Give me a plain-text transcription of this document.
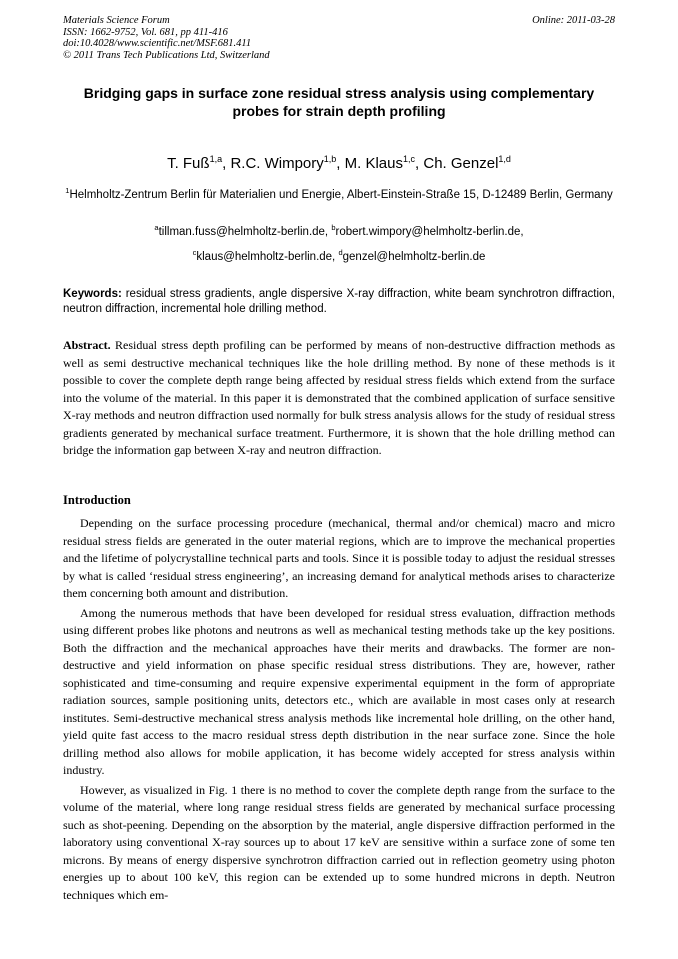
Materials Science Forum
ISSN: 1662-9752, Vol. 681, pp 411-416
doi:10.4028/www.scientific.net/MSF.681.411
© 2011 Trans Tech Publications Ltd, Switzerland
Online: 2011-03-28
Bridging gaps in surface zone residual stress analysis using complementary probes for strain depth profiling
T. Fuß$^{1,a}$, R.C. Wimpory$^{1,b}$, M. Klaus$^{1,c}$, Ch. Genzel$^{1,d}$
$^1$Helmholtz-Zentrum Berlin für Materialien und Energie, Albert-Einstein-Straße 15, D-12489 Berlin, Germany
$^a$tillman.fuss@helmholtz-berlin.de, $^b$robert.wimpory@helmholtz-berlin.de,
$^c$klaus@helmholtz-berlin.de, $^d$genzel@helmholtz-berlin.de
Keywords: residual stress gradients, angle dispersive X-ray diffraction, white beam synchrotron diffraction, neutron diffraction, incremental hole drilling method.
Abstract. Residual stress depth profiling can be performed by means of non-destructive diffraction methods as well as semi destructive mechanical techniques like the hole drilling method. By none of these methods is it possible to cover the complete depth range being affected by residual stress fields which extend from the surface into the volume of the material. In this paper it is demonstrated that the combined application of surface sensitive X-ray methods and neutron diffraction used normally for bulk stress analysis allows for the study of residual stress gradients generated by mechanical surface treatment. Furthermore, it is shown that the hole drilling method can bridge the information gap between X-ray and neutron diffraction.
Introduction

Depending on the surface processing procedure (mechanical, thermal and/or chemical) macro and micro residual stress fields are generated in the outer material regions, which are to improve the mechanical properties and the lifetime of polycrystalline technical parts and tools. Since it is possible today to adjust the residual stresses by what is called ‘residual stress engineering’, an increasing demand for analytical methods arises to characterize them concerning both amount and distribution.

Among the numerous methods that have been developed for residual stress evaluation, diffraction methods using different probes like photons and neutrons as well as mechanical testing methods take up the key positions. Both the diffraction and the mechanical approaches have their merits and drawbacks. The former are non-destructive and yield information on phase specific residual stress distributions. They are, however, rather sophisticated and time-consuming and require expensive experimental equipment in the form of appropriate radiation sources, sample positioning units, detectors etc., which are available in most cases only at research institutes. Semi-destructive mechanical stress analysis methods like incremental hole drilling, on the other hand, yield quite fast access to the macro residual stress depth distribution in the near surface zone. Since the hole drilling method also allows for mobile application, it has become widely accepted for stress analysis within industry.

However, as visualized in Fig. 1 there is no method to cover the complete depth range from the surface to the volume of the material, where long range residual stress fields are generated by mechanical surface processing such as shot-peening. Depending on the absorption by the material, angle dispersive diffraction performed in the laboratory using conventional X-ray sources up to about 17 keV are sensitive within a surface zone of some ten microns. By means of energy dispersive synchrotron diffraction carried out in reflection geometry using photon energies up to about 100 keV, this region can be extended up to some hundred microns in depth. Neutron techniques which em-
